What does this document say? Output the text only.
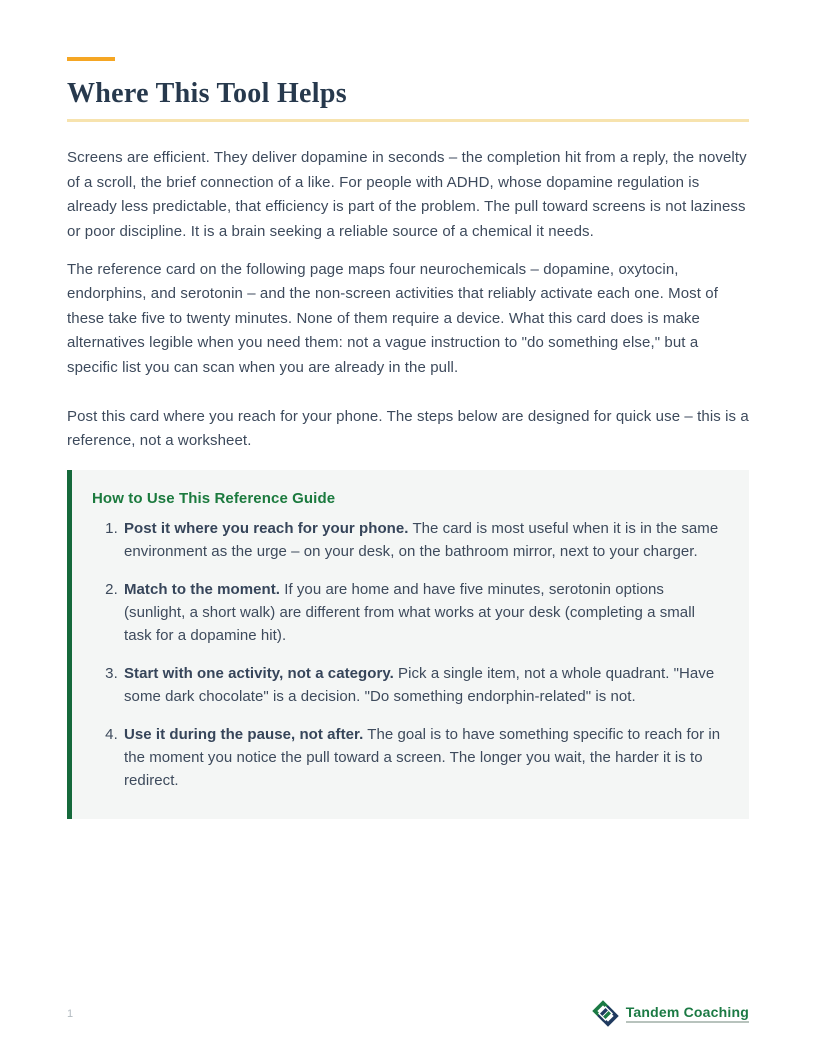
Where This Tool Helps

Screens are efficient. They deliver dopamine in seconds – the completion hit from a reply, the novelty of a scroll, the brief connection of a like. For people with ADHD, whose dopamine regulation is already less predictable, that efficiency is part of the problem. The pull toward screens is not laziness or poor discipline. It is a brain seeking a reliable source of a chemical it needs.

The reference card on the following page maps four neurochemicals – dopamine, oxytocin, endorphins, and serotonin – and the non-screen activities that reliably activate each one. Most of these take five to twenty minutes. None of them require a device. What this card does is make alternatives legible when you need them: not a vague instruction to "do something else," but a specific list you can scan when you are already in the pull.

Post this card where you reach for your phone. The steps below are designed for quick use – this is a reference, not a worksheet.

How to Use This Reference Guide
1. Post it where you reach for your phone. The card is most useful when it is in the same environment as the urge – on your desk, on the bathroom mirror, next to your charger.
2. Match to the moment. If you are home and have five minutes, serotonin options (sunlight, a short walk) are different from what works at your desk (completing a small task for a dopamine hit).
3. Start with one activity, not a category. Pick a single item, not a whole quadrant. "Have some dark chocolate" is a decision. "Do something endorphin-related" is not.
4. Use it during the pause, not after. The goal is to have something specific to reach for in the moment you notice the pull toward a screen. The longer you wait, the harder it is to redirect.
1	Tandem Coaching
